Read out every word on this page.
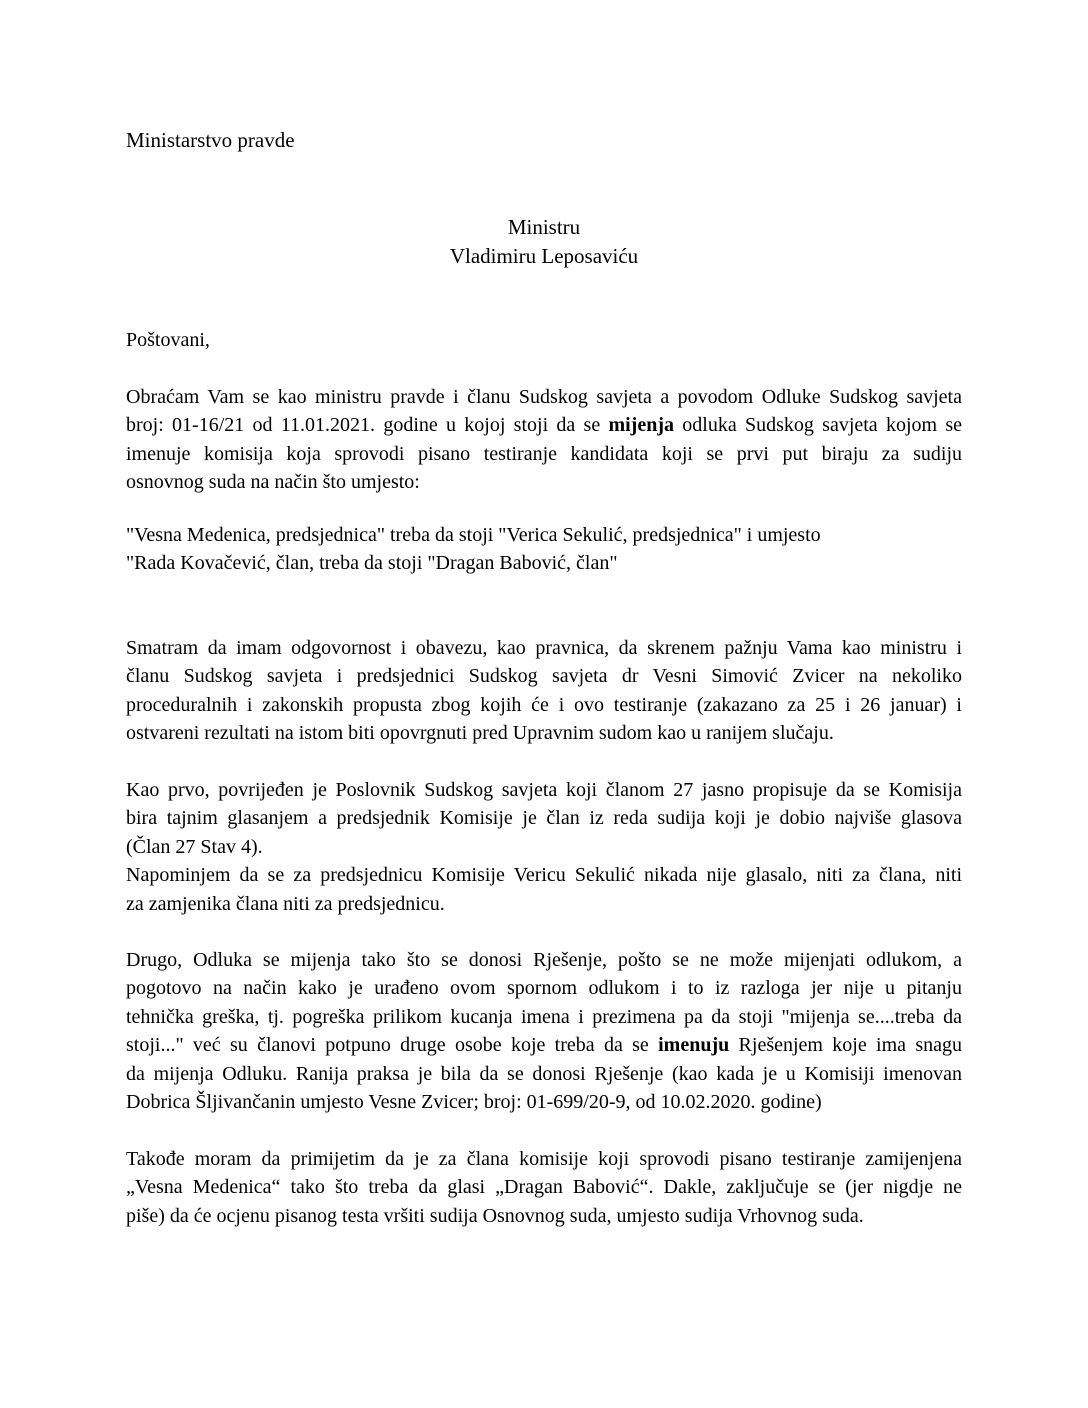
Ministarstvo pravde
Ministru
Vladimiru Leposaviću
Poštovani,
Obraćam Vam se kao ministru pravde i članu Sudskog savjeta a povodom Odluke Sudskog savjeta
broj: 01-16/21 od 11.01.2021. godine u kojoj stoji da se mijenja odluka Sudskog savjeta kojom se
imenuje komisija koja sprovodi pisano testiranje kandidata koji se prvi put biraju za sudiju
osnovnog suda na način što umjesto:
"Vesna Medenica, predsjednica" treba da stoji "Verica Sekulić, predsjednica" i umjesto
"Rada Kovačević, član, treba da stoji "Dragan Babović, član"
Smatram da imam odgovornost i obavezu, kao pravnica, da skrenem pažnju Vama kao ministru i
članu Sudskog savjeta i predsjednici Sudskog savjeta dr Vesni Simović Zvicer na nekoliko
proceduralnih i zakonskih propusta zbog kojih će i ovo testiranje (zakazano za 25 i 26 januar) i
ostvareni rezultati na istom biti opovrgnuti pred Upravnim sudom kao u ranijem slučaju.
Kao prvo, povrijeđen je Poslovnik Sudskog savjeta koji članom 27 jasno propisuje da se Komisija
bira tajnim glasanjem a predsjednik Komisije je član iz reda sudija koji je dobio najviše glasova
(Član 27 Stav 4).
Napominjem da se za predsjednicu Komisije Vericu Sekulić nikada nije glasalo, niti za člana, niti
za zamjenika člana niti za predsjednicu.
Drugo, Odluka se mijenja tako što se donosi Rješenje, pošto se ne može mijenjati odlukom, a
pogotovo na način kako je urađeno ovom spornom odlukom i to iz razloga jer nije u pitanju
tehnička greška, tj. pogreška prilikom kucanja imena i prezimena pa da stoji "mijenja se....treba da
stoji..." već su članovi potpuno druge osobe koje treba da se imenuju Rješenjem koje ima snagu
da mijenja Odluku. Ranija praksa je bila da se donosi Rješenje (kao kada je u Komisiji imenovan
Dobrica Šljivančanin umjesto Vesne Zvicer; broj: 01-699/20-9, od 10.02.2020. godine)
Takođe moram da primijetim da je za člana komisije koji sprovodi pisano testiranje zamijenjena
„Vesna Medenica“ tako što treba da glasi „Dragan Babović“. Dakle, zaključuje se (jer nigdje ne
piše) da će ocjenu pisanog testa vršiti sudija Osnovnog suda, umjesto sudija Vrhovnog suda.
